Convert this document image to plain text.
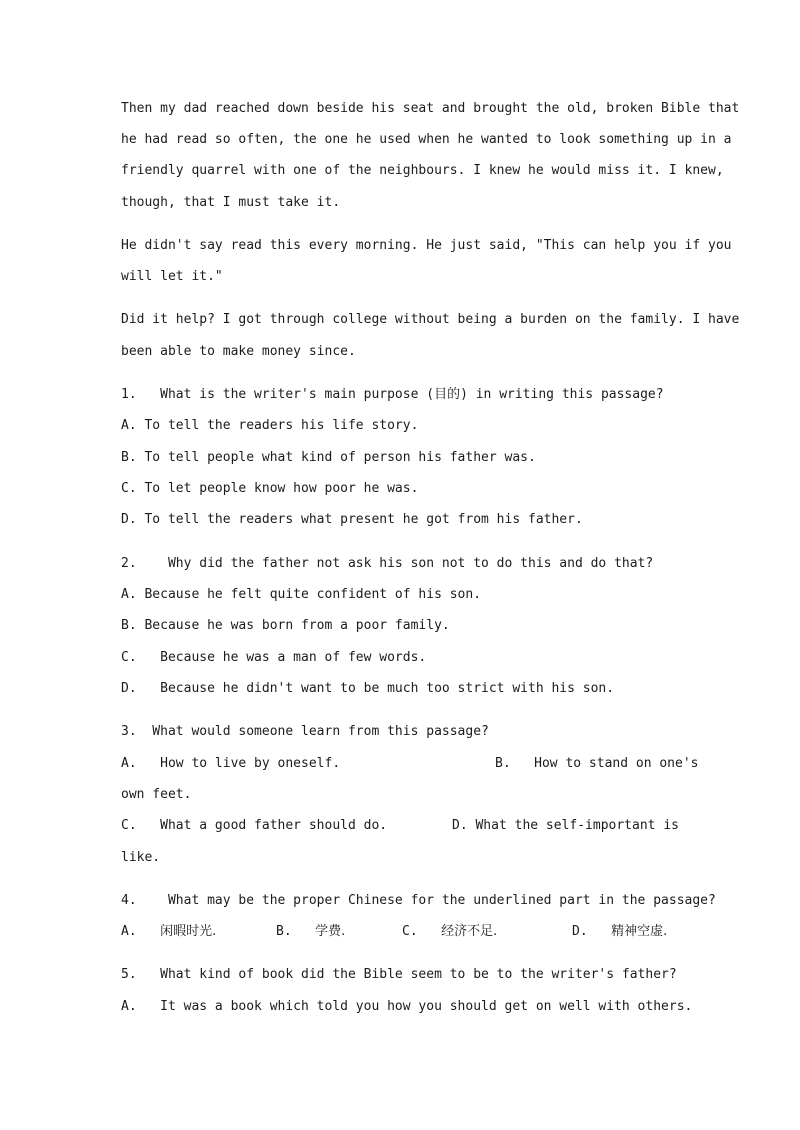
Then my dad reached down beside his seat and brought the old, broken Bible that
he had read so often, the one he used when he wanted to look something up in a
friendly quarrel with one of the neighbours. I knew he would miss it. I knew,
though, that I must take it.
He didn't say read this every morning. He just said, "This can help you if you
will let it."
Did it help? I got through college without being a burden on the family. I have
been able to make money since.
1.   What is the writer's main purpose (目的) in writing this passage?
A. To tell the readers his life story.
B. To tell people what kind of person his father was.
C. To let people know how poor he was.
D. To tell the readers what present he got from his father.
2.    Why did the father not ask his son not to do this and do that?
A. Because he felt quite confident of his son.
B. Because he was born from a poor family.
C.   Because he was a man of few words.
D.   Because he didn't want to be much too strict with his son.
3.  What would someone learn from this passage?
A.   How to live by oneself.	B.   How to stand on one's
own feet.
C.   What a good father should do.	D. What the self-important is
like.
4.    What may be the proper Chinese for the underlined part in the passage?
A. 闲暇时光.	B. 学费.	C. 经济不足.	D. 精神空虚.
5.   What kind of book did the Bible seem to be to the writer's father?
A.   It was a book which told you how you should get on well with others.
